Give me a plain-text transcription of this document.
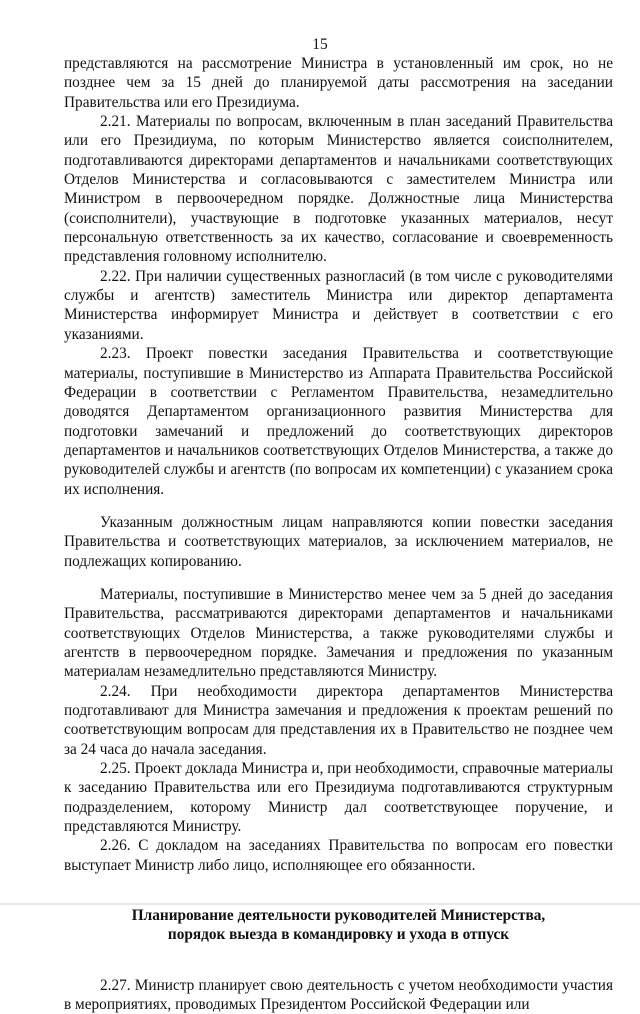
15

представляются на рассмотрение Министра в установленный им срок, но не позднее чем за 15 дней до планируемой даты рассмотрения на заседании Правительства или его Президиума.

2.21. Материалы по вопросам, включенным в план заседаний Правительства или его Президиума, по которым Министерство является соисполнителем, подготавливаются директорами департаментов и начальниками соответствующих Отделов Министерства и согласовываются с заместителем Министра или Министром в первоочередном порядке. Должностные лица Министерства (соисполнители), участвующие в подготовке указанных материалов, несут персональную ответственность за их качество, согласование и своевременность представления головному исполнителю.

2.22. При наличии существенных разногласий (в том числе с руководителями службы и агентств) заместитель Министра или директор департамента Министерства информирует Министра и действует в соответствии с его указаниями.

2.23. Проект повестки заседания Правительства и соответствующие материалы, поступившие в Министерство из Аппарата Правительства Российской Федерации в соответствии с Регламентом Правительства, незамедлительно доводятся Департаментом организационного развития Министерства для подготовки замечаний и предложений до соответствующих директоров департаментов и начальников соответствующих Отделов Министерства, а также до руководителей службы и агентств (по вопросам их компетенции) с указанием срока их исполнения.

Указанным должностным лицам направляются копии повестки заседания Правительства и соответствующих материалов, за исключением материалов, не подлежащих копированию.

Материалы, поступившие в Министерство менее чем за 5 дней до заседания Правительства, рассматриваются директорами департаментов и начальниками соответствующих Отделов Министерства, а также руководителями службы и агентств в первоочередном порядке. Замечания и предложения по указанным материалам незамедлительно представляются Министру.

2.24. При необходимости директора департаментов Министерства подготавливают для Министра замечания и предложения к проектам решений по соответствующим вопросам для представления их в Правительство не позднее чем за 24 часа до начала заседания.

2.25. Проект доклада Министра и, при необходимости, справочные материалы к заседанию Правительства или его Президиума подготавливаются структурным подразделением, которому Министр дал соответствующее поручение, и представляются Министру.

2.26. С докладом на заседаниях Правительства по вопросам его повестки выступает Министр либо лицо, исполняющее его обязанности.

Планирование деятельности руководителей Министерства,
порядок выезда в командировку и ухода в отпуск

2.27. Министр планирует свою деятельность с учетом необходимости участия в мероприятиях, проводимых Президентом Российской Федерации или
